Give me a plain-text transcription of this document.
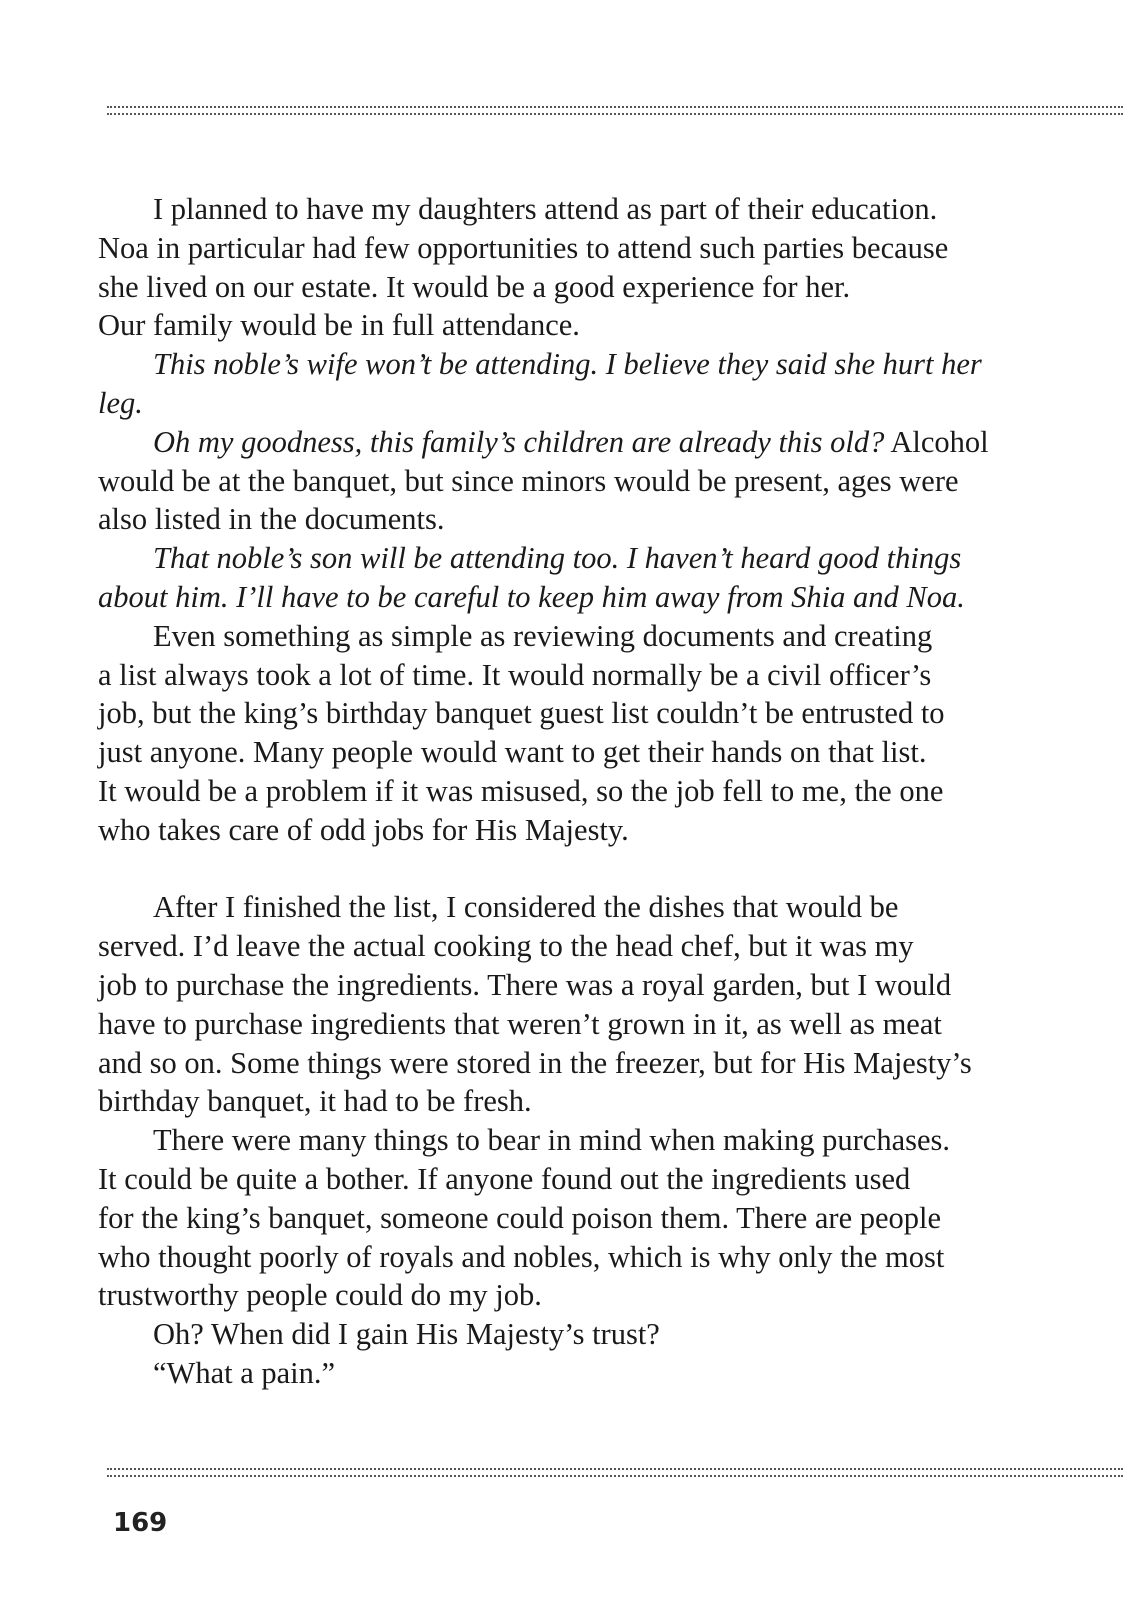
I planned to have my daughters attend as part of their education.
Noa in particular had few opportunities to attend such parties because
she lived on our estate. It would be a good experience for her.

Our family would be in full attendance.

This noble’s wife won’t be attending. I believe they said she hurt her
leg.

Oh my goodness, this family’s children are already this old? Alcohol
would be at the banquet, but since minors would be present, ages were
also listed in the documents.

That noble’s son will be attending too. I haven’t heard good things
about him. I’ll have to be careful to keep him away from Shia and Noa.

Even something as simple as reviewing documents and creating
a list always took a lot of time. It would normally be a civil officer’s
job, but the king’s birthday banquet guest list couldn’t be entrusted to
just anyone. Many people would want to get their hands on that list.
It would be a problem if it was misused, so the job fell to me, the one
who takes care of odd jobs for His Majesty.

After I finished the list, I considered the dishes that would be
served. I’d leave the actual cooking to the head chef, but it was my
job to purchase the ingredients. There was a royal garden, but I would
have to purchase ingredients that weren’t grown in it, as well as meat
and so on. Some things were stored in the freezer, but for His Majesty’s
birthday banquet, it had to be fresh.

There were many things to bear in mind when making purchases.
It could be quite a bother. If anyone found out the ingredients used
for the king’s banquet, someone could poison them. There are people
who thought poorly of royals and nobles, which is why only the most
trustworthy people could do my job.

Oh? When did I gain His Majesty’s trust?

“What a pain.”

169
